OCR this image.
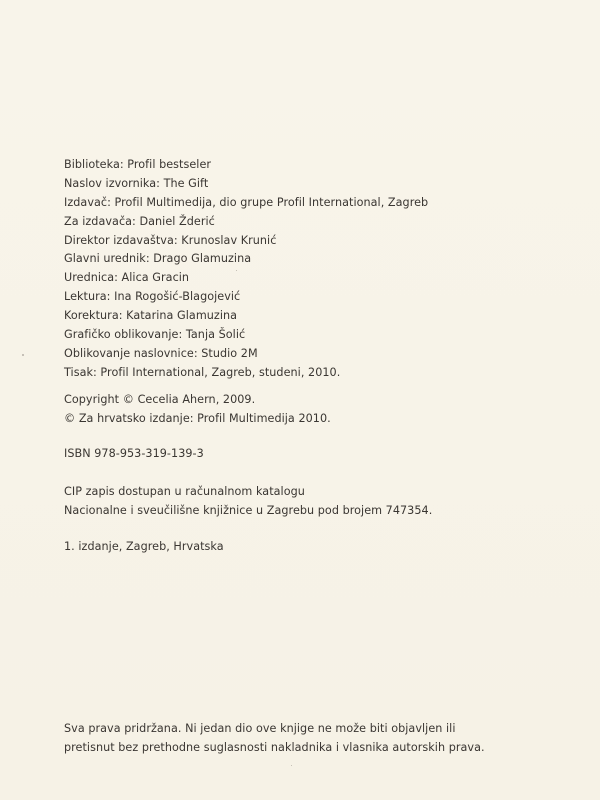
Biblioteka: Profil bestseler
Naslov izvornika: The Gift
Izdavač: Profil Multimedija, dio grupe Profil International, Zagreb
Za izdavača: Daniel Žderić
Direktor izdavaštva: Krunoslav Krunić
Glavni urednik: Drago Glamuzina
Urednica: Alica Gracin
Lektura: Ina Rogošić-Blagojević
Korektura: Katarina Glamuzina
Grafičko oblikovanje: Tanja Šolić
Oblikovanje naslovnice: Studio 2M
Tisak: Profil International, Zagreb, studeni, 2010.
Copyright © Cecelia Ahern, 2009.
© Za hrvatsko izdanje: Profil Multimedija 2010.
ISBN 978-953-319-139-3
CIP zapis dostupan u računalnom katalogu
Nacionalne i sveučilišne knjižnice u Zagrebu pod brojem 747354.
1. izdanje, Zagreb, Hrvatska
Sva prava pridržana. Ni jedan dio ove knjige ne može biti objavljen ili
pretisnut bez prethodne suglasnosti nakladnika i vlasnika autorskih prava.
